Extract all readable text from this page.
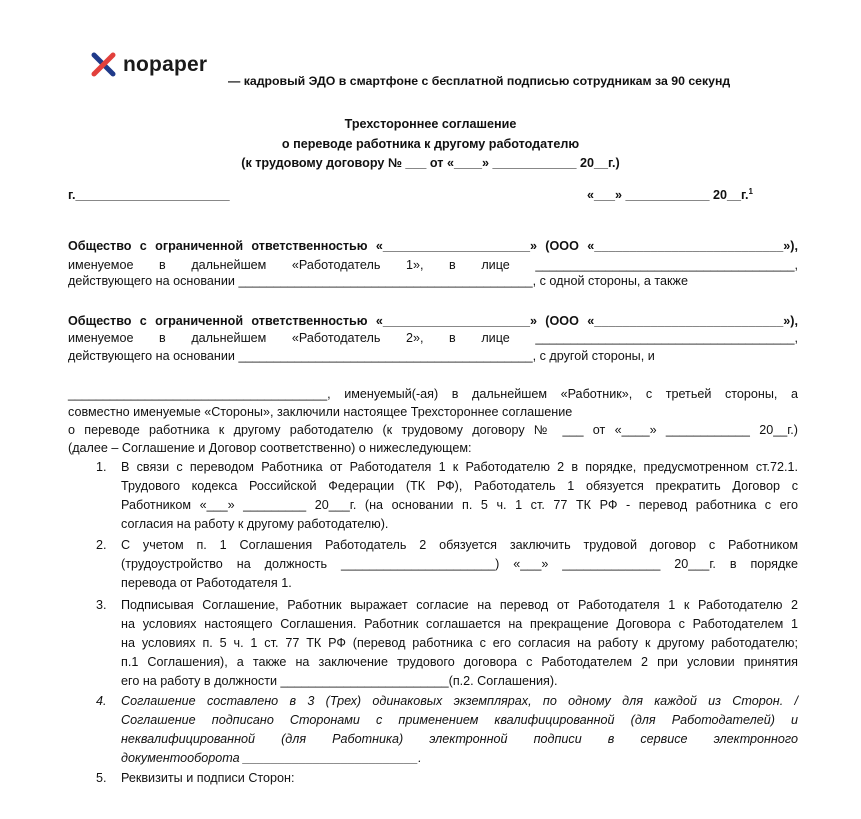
nopaper
— кадровый ЭДО в смартфоне с бесплатной подписью сотрудникам за 90 секунд
Трехстороннее соглашение
о переводе работника к другому работодателю
(к трудовому договору № ___ от «____» ____________ 20__г.)
г.______________________	«___» ____________ 20__г.$^1$
Общество с ограниченной ответственностью «_____________________» (ООО «___________________________»),
именуемое в дальнейшем «Работодатель 1», в лице _____________________________________,
действующего на основании __________________________________________, с одной стороны, а также
Общество с ограниченной ответственностью «_____________________» (ООО «___________________________»),
именуемое в дальнейшем «Работодатель 2», в лице _____________________________________,
действующего на основании __________________________________________, с другой стороны, и
_____________________________________, именуемый(-ая) в дальнейшем «Работник», с третьей стороны, а
совместно именуемые «Стороны», заключили настоящее Трехстороннее соглашение
о переводе работника к другому работодателю (к трудовому договору № ___ от «____» ____________ 20__г.)
(далее – Соглашение и Договор соответственно) о нижеследующем:
1. В связи с переводом Работника от Работодателя 1 к Работодателю 2 в порядке, предусмотренном ст.72.1.
Трудового кодекса Российской Федерации (ТК РФ), Работодатель 1 обязуется прекратить Договор с
Работником «___» _________ 20___г. (на основании п. 5 ч. 1 ст. 77 ТК РФ - перевод работника с его
согласия на работу к другому работодателю).
2. С учетом п. 1 Соглашения Работодатель 2 обязуется заключить трудовой договор с Работником
(трудоустройство на должность ______________________) «___» ______________ 20___г. в порядке
перевода от Работодателя 1.
3. Подписывая Соглашение, Работник выражает согласие на перевод от Работодателя 1 к Работодателю 2
на условиях настоящего Соглашения. Работник соглашается на прекращение Договора с Работодателем 1
на условиях п. 5 ч. 1 ст. 77 ТК РФ (перевод работника с его согласия на работу к другому работодателю;
п.1 Соглашения), а также на заключение трудового договора с Работодателем 2 при условии принятия
его на работу в должности ________________________(п.2. Соглашения).
4. Соглашение составлено в 3 (Трех) одинаковых экземплярах, по одному для каждой из Сторон. /
Соглашение подписано Сторонами с применением квалифицированной (для Работодателей) и
неквалифицированной (для Работника) электронной подписи в сервисе электронного
документооборота _________________________.
5. Реквизиты и подписи Сторон:
